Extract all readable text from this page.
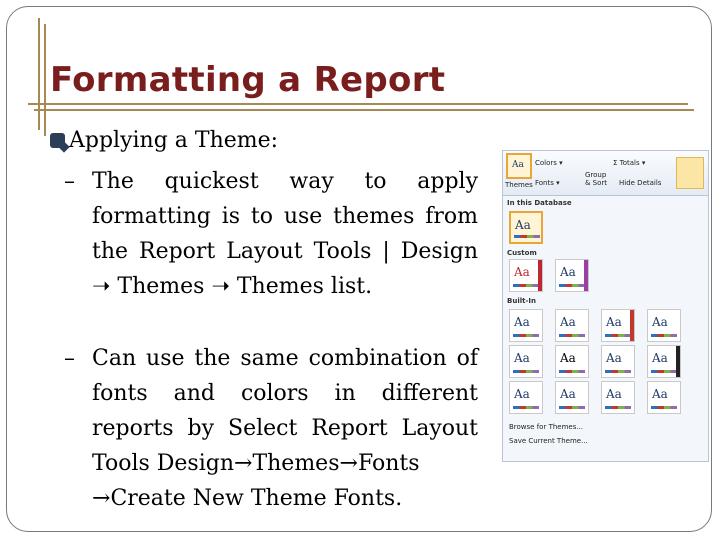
Formatting a Report
Applying a Theme:
– The quickest way to apply formatting is to use themes from the Report Layout Tools | Design ➝ Themes ➝ Themes list.
– Can use the same combination of fonts and colors in different reports by Select Report Layout Tools Design→Themes→Fonts
→Create New Theme Fonts.
Aa
Themes
Colors ▾
Fonts ▾
Group & Sort
Σ Totals ▾
Hide Details
In this Database
Aa
Custom
Aa	Aa
Built-In
Aa	Aa	Aa	Aa
Aa	Aa	Aa	Aa
Aa	Aa	Aa	Aa
Browse for Themes...
Save Current Theme...
